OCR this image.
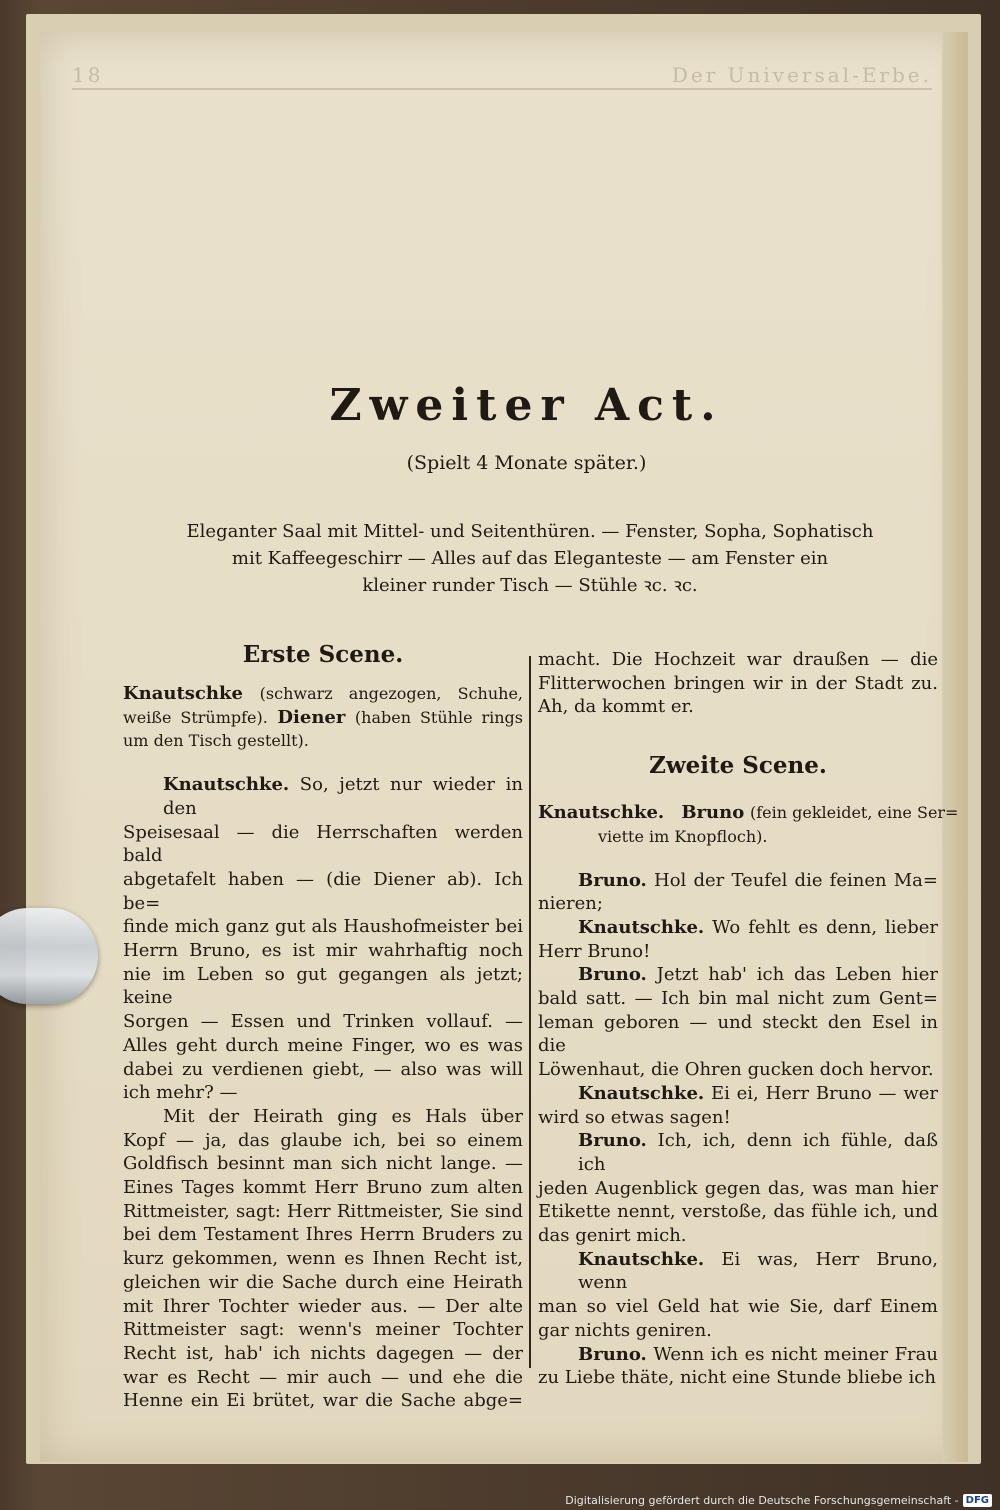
18	Der Universal-Erbe.
Zweiter Act.
(Spielt 4 Monate später.)
Eleganter Saal mit Mittel- und Seitenthüren. — Fenster, Sopha, Sophatisch
mit Kaffeegeschirr — Alles auf das Eleganteste — am Fenster ein
kleiner runder Tisch — Stühle ꝛc. ꝛc.
Erste Scene.
Knautschke (schwarz angezogen, Schuhe, weiße Strümpfe). Diener (haben Stühle rings um den Tisch gestellt).
Knautschke. So, jetzt nur wieder in den
Speisesaal — die Herrschaften werden bald
abgetafelt haben — (die Diener ab). Ich be=
finde mich ganz gut als Haushofmeister bei
Herrn Bruno, es ist mir wahrhaftig noch
nie im Leben so gut gegangen als jetzt; keine
Sorgen — Essen und Trinken vollauf. —
Alles geht durch meine Finger, wo es was
dabei zu verdienen giebt, — also was will
ich mehr? —
Mit der Heirath ging es Hals über
Kopf — ja, das glaube ich, bei so einem
Goldfisch besinnt man sich nicht lange. —
Eines Tages kommt Herr Bruno zum alten
Rittmeister, sagt: Herr Rittmeister, Sie sind
bei dem Testament Ihres Herrn Bruders zu
kurz gekommen, wenn es Ihnen Recht ist,
gleichen wir die Sache durch eine Heirath
mit Ihrer Tochter wieder aus. — Der alte
Rittmeister sagt: wenn's meiner Tochter
Recht ist, hab' ich nichts dagegen — der
war es Recht — mir auch — und ehe die
Henne ein Ei brütet, war die Sache abge=
macht. Die Hochzeit war draußen — die
Flitterwochen bringen wir in der Stadt zu.
Ah, da kommt er.
Zweite Scene.
Knautschke. Bruno (fein gekleidet, eine Ser=
viette im Knopfloch).
Bruno. Hol der Teufel die feinen Ma=
nieren;
Knautschke. Wo fehlt es denn, lieber
Herr Bruno!
Bruno. Jetzt hab' ich das Leben hier
bald satt. — Ich bin mal nicht zum Gent=
leman geboren — und steckt den Esel in die
Löwenhaut, die Ohren gucken doch hervor.
Knautschke. Ei ei, Herr Bruno — wer
wird so etwas sagen!
Bruno. Ich, ich, denn ich fühle, daß ich
jeden Augenblick gegen das, was man hier
Etikette nennt, verstoße, das fühle ich, und
das genirt mich.
Knautschke. Ei was, Herr Bruno, wenn
man so viel Geld hat wie Sie, darf Einem
gar nichts geniren.
Bruno. Wenn ich es nicht meiner Frau
zu Liebe thäte, nicht eine Stunde bliebe ich
Digitalisierung gefördert durch die Deutsche Forschungsgemeinschaft - DFG
